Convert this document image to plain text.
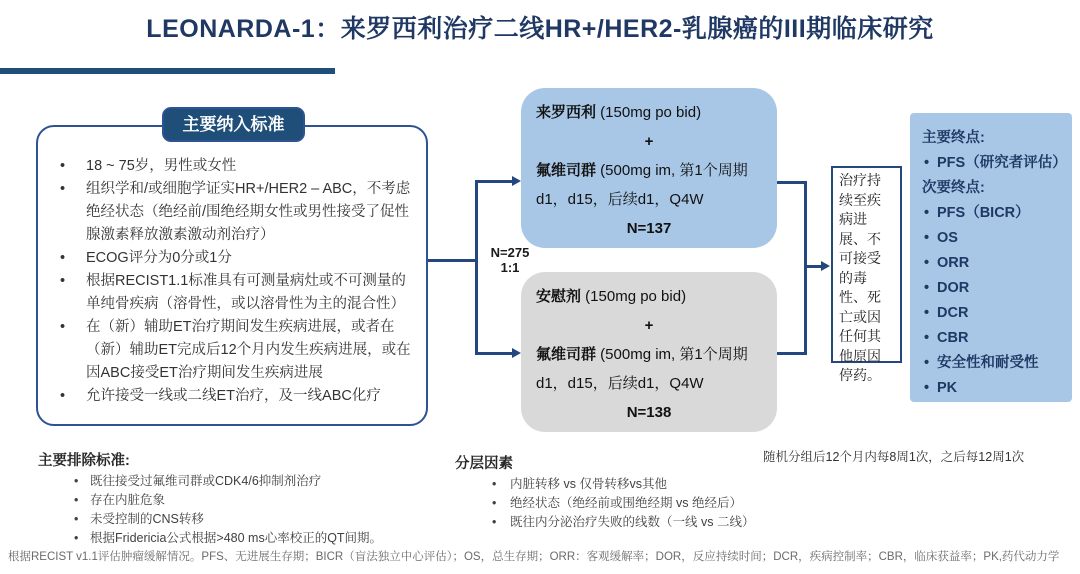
LEONARDA-1：来罗西利治疗二线HR+/HER2-乳腺癌的III期临床研究
• 18 ~ 75岁，男性或女性
• 组织学和/或细胞学证实HR+/HER2 – ABC，不考虑绝经状态（绝经前/围绝经期女性或男性接受了促性腺激素释放激素激动剂治疗）
• ECOG评分为0分或1分
• 根据RECIST1.1标准具有可测量病灶或不可测量的单纯骨疾病（溶骨性，或以溶骨性为主的混合性）
• 在（新）辅助ET治疗期间发生疾病进展，或者在（新）辅助ET完成后12个月内发生疾病进展，或在因ABC接受ET治疗期间发生疾病进展
• 允许接受一线或二线ET治疗，及一线ABC化疗
主要纳入标准
N=275
1:1
来罗西利 (150mg po bid)
+
氟维司群 (500mg im, 第1个周期d1，d15，后续d1，Q4W
N=137
安慰剂 (150mg po bid)
+
氟维司群 (500mg im, 第1个周期d1，d15，后续d1，Q4W
N=138
治疗持续至疾病进展、不可接受的毒性、死亡或因任何其他原因停药。
主要终点:
• PFS（研究者评估）
次要终点:
• PFS（BICR）
• OS
• ORR
• DOR
• DCR
• CBR
• 安全性和耐受性
• PK
主要排除标准:
• 既往接受过氟维司群或CDK4/6抑制剂治疗
• 存在内脏危象
• 未受控制的CNS转移
• 根据Fridericia公式根据>480 ms心率校正的QT间期。
分层因素
• 内脏转移 vs 仅骨转移vs其他
• 绝经状态（绝经前或围绝经期 vs 绝经后）
• 既往内分泌治疗失败的线数（一线 vs 二线）
随机分组后12个月内每8周1次，之后每12周1次
根据RECIST v1.1评估肿瘤缓解情况。PFS、无进展生存期；BICR（盲法独立中心评估）；OS，总生存期；ORR：客观缓解率；DOR，反应持续时间；DCR，疾病控制率；CBR，临床获益率；PK,药代动力学
